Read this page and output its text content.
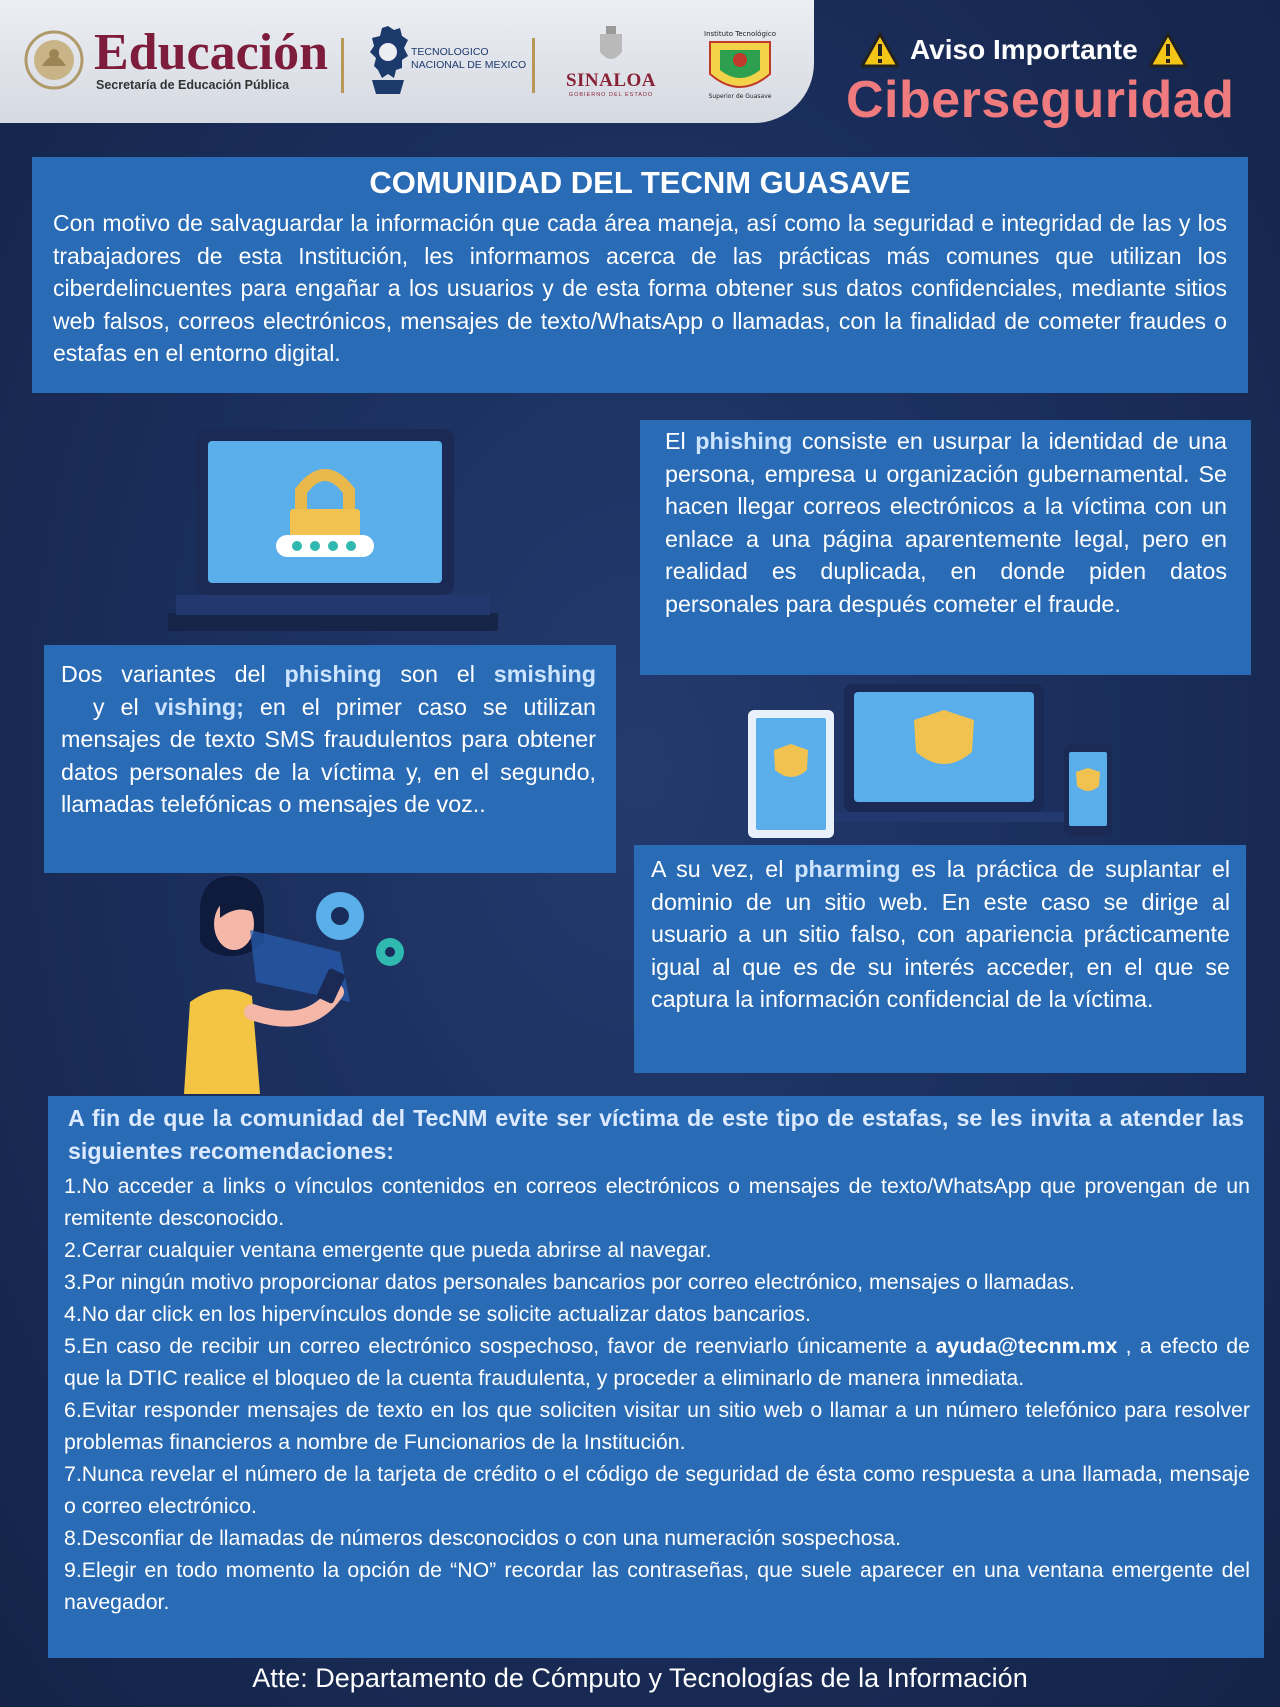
Educación
Secretaría de Educación Pública
TECNOLOGICO
NACIONAL DE MEXICO
SINALOA
GOBIERNO DEL ESTADO
Instituto Tecnológico
Superior de Guasave
Aviso Importante
Ciberseguridad
COMUNIDAD DEL TECNM GUASAVE
Con motivo de salvaguardar la información que cada área maneja, así como la seguridad e integridad de las y los trabajadores de esta Institución, les informamos acerca de las prácticas más comunes que utilizan los ciberdelincuentes para engañar a los usuarios y de esta forma obtener sus datos confidenciales, mediante sitios web falsos, correos electrónicos, mensajes de texto/WhatsApp o llamadas, con la finalidad de cometer fraudes o estafas en el entorno digital.
El phishing consiste en usurpar la identidad de una persona, empresa u organización gubernamental. Se hacen llegar correos electrónicos a la víctima con un enlace a una página aparentemente legal, pero en realidad es duplicada, en donde piden datos personales para después cometer el fraude.
Dos variantes del phishing son el smishing  y el vishing; en el primer caso se utilizan mensajes de texto SMS fraudulentos para obtener datos personales de la víctima y, en el segundo, llamadas telefónicas o mensajes de voz..
A su vez, el pharming es la práctica de suplantar el dominio de un sitio web. En este caso se dirige al usuario a un sitio falso, con apariencia prácticamente igual al que es de su interés acceder, en el que se captura la información confidencial de la víctima.
A fin de que la comunidad del TecNM evite ser víctima de este tipo de estafas, se les invita a atender las siguientes recomendaciones:

1.No acceder a links o vínculos contenidos en correos electrónicos o mensajes de texto/WhatsApp que provengan de un remitente desconocido.

2.Cerrar cualquier ventana emergente que pueda abrirse al navegar.

3.Por ningún motivo proporcionar datos personales bancarios por correo electrónico, mensajes o llamadas.

4.No dar click en los hipervínculos donde se solicite actualizar datos bancarios.

5.En caso de recibir un correo electrónico sospechoso, favor de reenviarlo únicamente a ayuda@tecnm.mx , a efecto de que la DTIC realice el bloqueo de la cuenta fraudulenta, y proceder a eliminarlo de manera inmediata.

6.Evitar responder mensajes de texto en los que soliciten visitar un sitio web o llamar a un número telefónico para resolver problemas financieros a nombre de Funcionarios de la Institución.

7.Nunca revelar el número de la tarjeta de crédito o el código de seguridad de ésta como respuesta a una llamada, mensaje o correo electrónico.

8.Desconfiar de llamadas de números desconocidos o con una numeración sospechosa.

9.Elegir en todo momento la opción de “NO” recordar las contraseñas, que suele aparecer en una ventana emergente del navegador.

Atte: Departamento de Cómputo y Tecnologías de la Información
